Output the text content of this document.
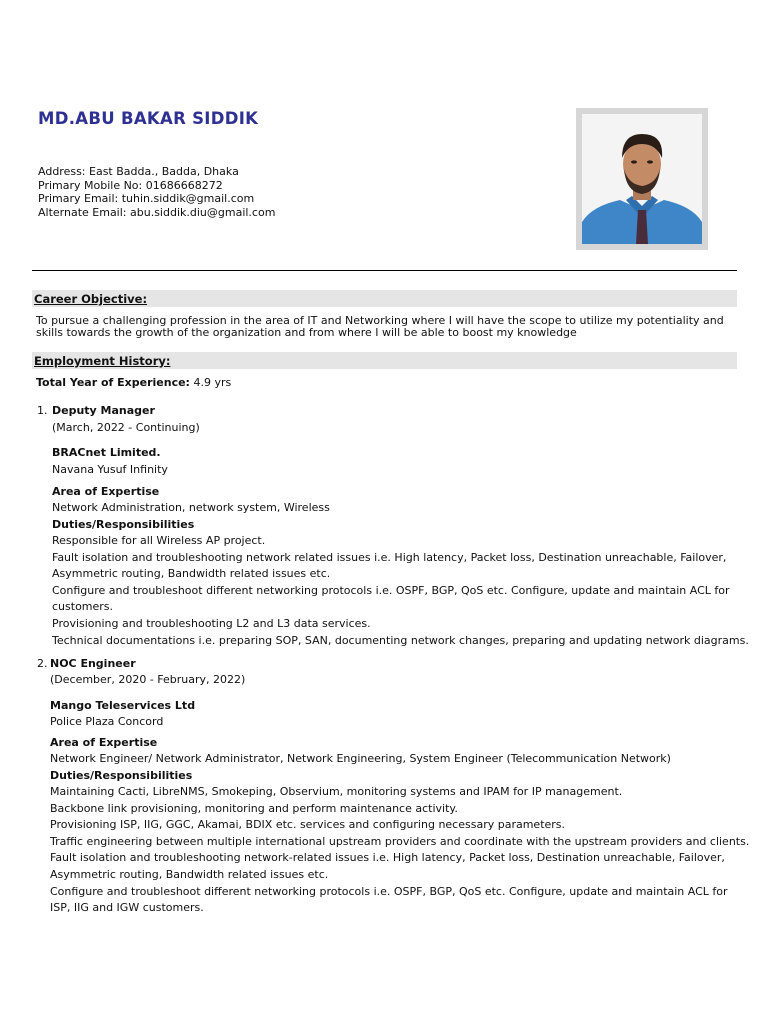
MD.ABU BAKAR SIDDIK
Address: East Badda., Badda, Dhaka
Primary Mobile No: 01686668272
Primary Email: tuhin.siddik@gmail.com
Alternate Email: abu.siddik.diu@gmail.com
Career Objective:
To pursue a challenging profession in the area of IT and Networking where I will have the scope to utilize my potentiality and skills towards the growth of the organization and from where I will be able to boost my knowledge
Employment History:
Total Year of Experience: 4.9 yrs
1. Deputy Manager
(March, 2022 - Continuing)
BRACnet Limited.
Navana Yusuf Infinity
Area of Expertise
Network Administration, network system, Wireless
Duties/Responsibilities
Responsible for all Wireless AP project.
Fault isolation and troubleshooting network related issues i.e. High latency, Packet loss, Destination unreachable, Failover,
Asymmetric routing, Bandwidth related issues etc.
Configure and troubleshoot different networking protocols i.e. OSPF, BGP, QoS etc. Configure, update and maintain ACL for
customers.
Provisioning and troubleshooting L2 and L3 data services.
Technical documentations i.e. preparing SOP, SAN, documenting network changes, preparing and updating network diagrams.
2. NOC Engineer
(December, 2020 - February, 2022)
Mango Teleservices Ltd
Police Plaza Concord
Area of Expertise
Network Engineer/ Network Administrator, Network Engineering, System Engineer (Telecommunication Network)
Duties/Responsibilities
Maintaining Cacti, LibreNMS, Smokeping, Observium, monitoring systems and IPAM for IP management.
Backbone link provisioning, monitoring and perform maintenance activity.
Provisioning ISP, IIG, GGC, Akamai, BDIX etc. services and configuring necessary parameters.
Traffic engineering between multiple international upstream providers and coordinate with the upstream providers and clients.
Fault isolation and troubleshooting network-related issues i.e. High latency, Packet loss, Destination unreachable, Failover,
Asymmetric routing, Bandwidth related issues etc.
Configure and troubleshoot different networking protocols i.e. OSPF, BGP, QoS etc. Configure, update and maintain ACL for
ISP, IIG and IGW customers.
